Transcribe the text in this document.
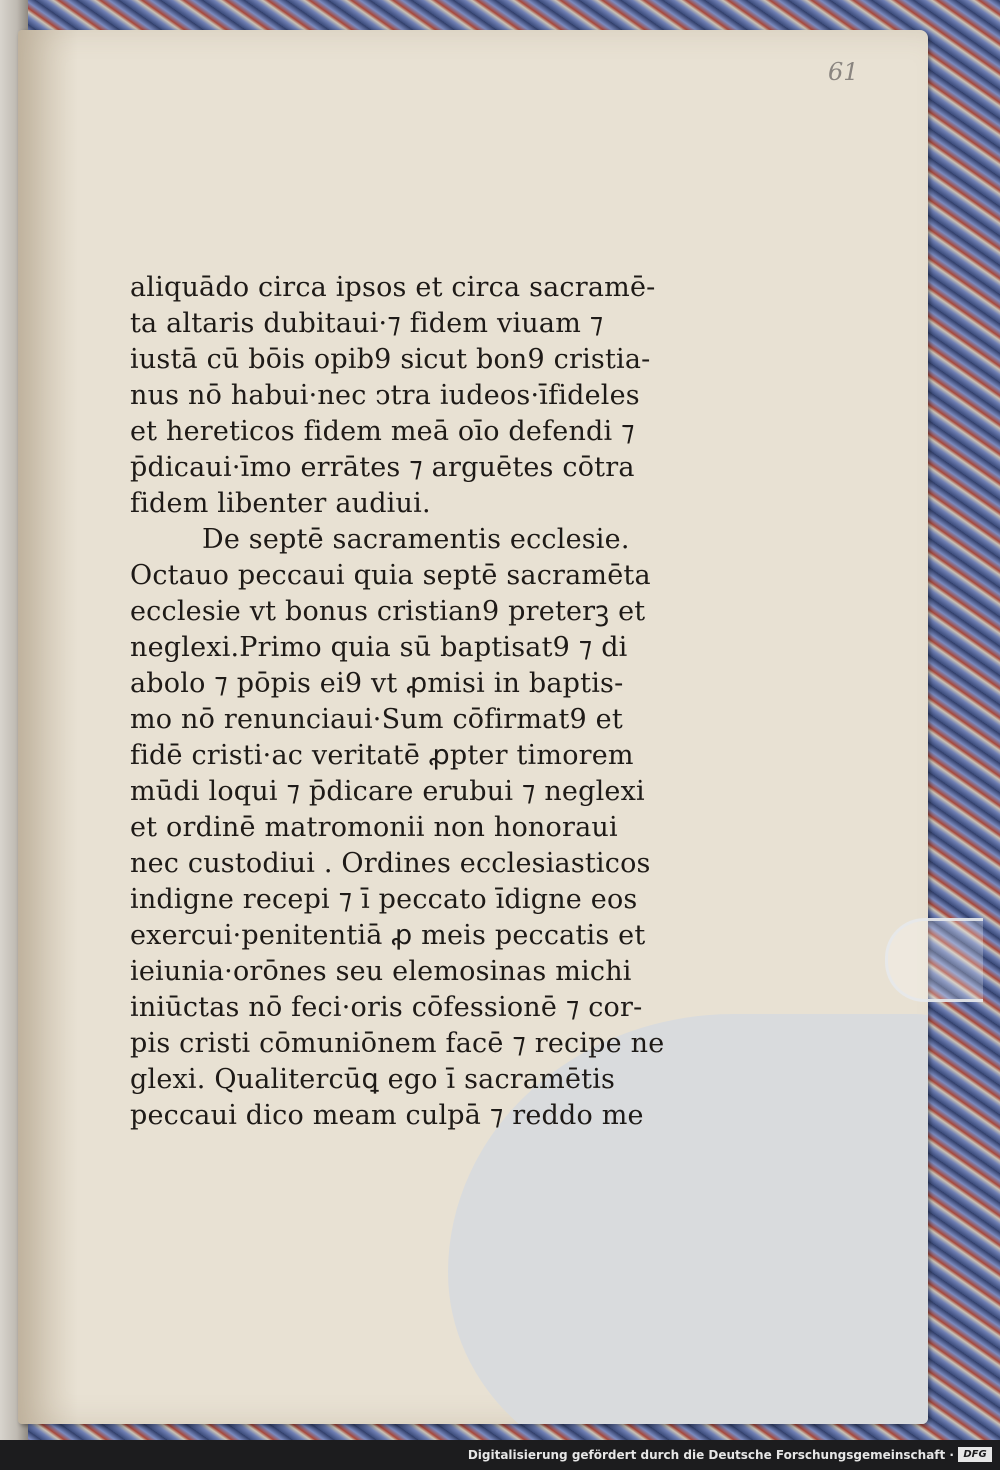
61
aliquādo circa ipsos et circa sacramē-
ta altaris dubitaui·⁊ fidem viuam ⁊
iustā cū bōis opib9 sicut bon9 cristia-
nus nō habui·nec ↄtra iudeos·īfideles
et hereticos fidem meā oīo defendi ⁊
p̄dicaui·īmo errātes ⁊ arguētes cōtra
fidem libenter audiui.
De septē sacramentis ecclesie.
Octauo peccaui quia septē sacramēta
ecclesie vt bonus cristian9 preterꝫ et
neglexi.Primo quia sū baptisat9 ⁊ di
abolo ⁊ pōpis ei9 vt ꝓmisi in baptis-
mo nō renunciaui·Sum cōfirmat9 et
fidē cristi·ac veritatē ꝓpter timorem
mūdi loqui ⁊ p̄dicare erubui ⁊ neglexi
et ordinē matromonii non honoraui
nec custodiui . Ordines ecclesiasticos
indigne recepi ⁊ ī peccato īdigne eos
exercui·penitentiā ꝓ meis peccatis et
ieiunia·orōnes seu elemosinas michi
iniūctas nō feci·oris cōfessionē ⁊ cor-
pis cristi cōmuniōnem facē ⁊ recipe ne
glexi. Qualitercūꝗ ego ī sacramētis
peccaui dico meam culpā ⁊ reddo me
Digitalisierung gefördert durch die Deutsche Forschungsgemeinschaft · DFG
